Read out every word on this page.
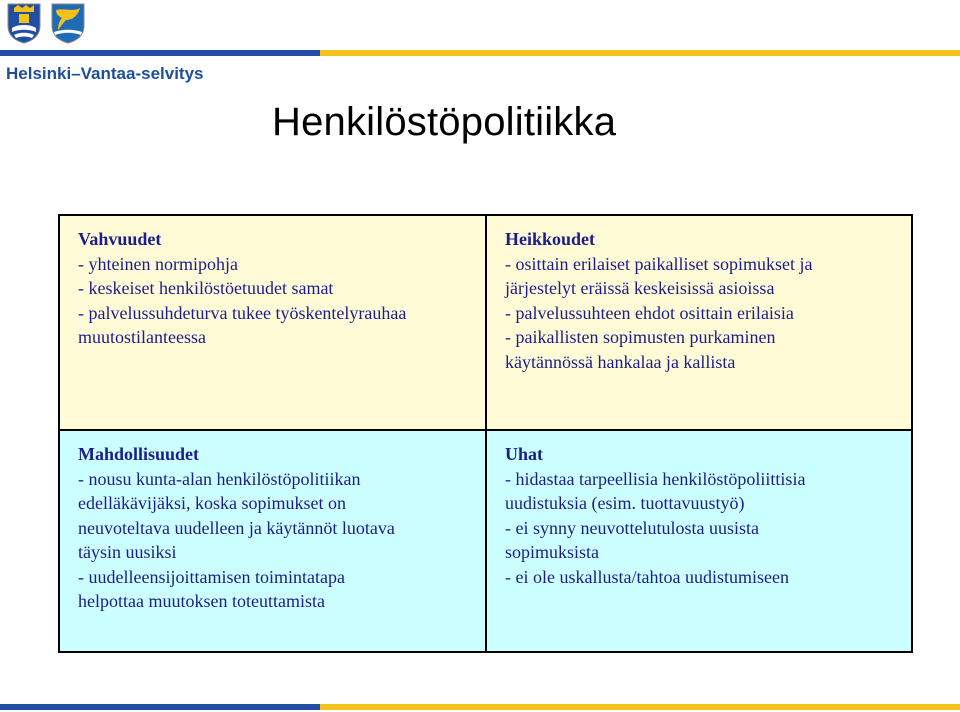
Helsinki–Vantaa-selvitys

Henkilöstöpolitiikka

Vahvuudet

- yhteinen normipohja

- keskeiset henkilöstöetuudet samat

- palvelussuhdeturva tukee työskentelyrauhaa

muutostilanteessa

Heikkoudet

- osittain erilaiset paikalliset sopimukset ja

järjestelyt eräissä keskeisissä asioissa

- palvelussuhteen ehdot osittain erilaisia

- paikallisten sopimusten purkaminen

käytännössä hankalaa ja kallista

Mahdollisuudet

- nousu kunta-alan henkilöstöpolitiikan

edelläkävijäksi, koska sopimukset on

neuvoteltava uudelleen ja käytännöt luotava

täysin uusiksi

- uudelleensijoittamisen toimintatapa

helpottaa muutoksen toteuttamista

Uhat

- hidastaa tarpeellisia henkilöstöpoliittisia

uudistuksia (esim. tuottavuustyö)

- ei synny neuvottelutulosta uusista

sopimuksista

- ei ole uskallusta/tahtoa uudistumiseen
